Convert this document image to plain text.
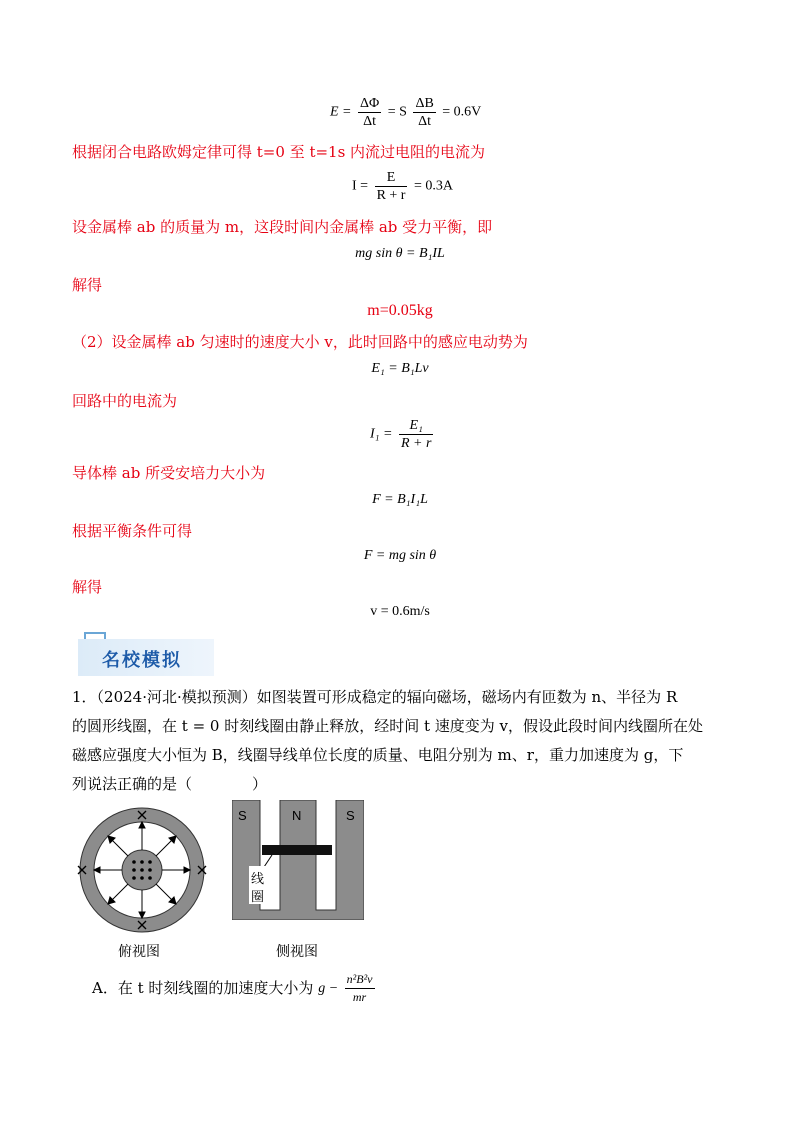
$E = \frac{\Delta\Phi}{\Delta t} = S \frac{\Delta B}{\Delta t} = 0.6V$
根据闭合电路欧姆定律可得 t=0 至 t=1s 内流过电阻的电流为
$I = \frac{E}{R + r} = 0.3A$
设金属棒 ab 的质量为 m，这段时间内金属棒 ab 受力平衡，即
mg sin θ = B₁IL
解得
m=0.05kg
（2）设金属棒 ab 匀速时的速度大小 v，此时回路中的感应电动势为
E₁ = B₁Lv
回路中的电流为
$I_1 = \frac{\text{E₁}}{R + r}$
导体棒 ab 所受安培力大小为
F = B₁I₁L
根据平衡条件可得
F = mg sin θ
解得
v = 0.6m/s
名校模拟
1．（2024·河北·模拟预测）如图装置可形成稳定的辐向磁场，磁场内有匝数为 n、半径为 R
的圆形线圈，在 t = 0 时刻线圈由静止释放，经时间 t 速度变为 v，假设此段时间内线圈所在处
磁感应强度大小恒为 B，线圈导线单位长度的质量、电阻分别为 m、r，重力加速度为 g，下
列说法正确的是（　　　　）
俯视图
S	N	S
线
圈
侧视图
A．在 t 时刻线圈的加速度大小为 $g - \frac{\text{n²B²v}}{mr}$
